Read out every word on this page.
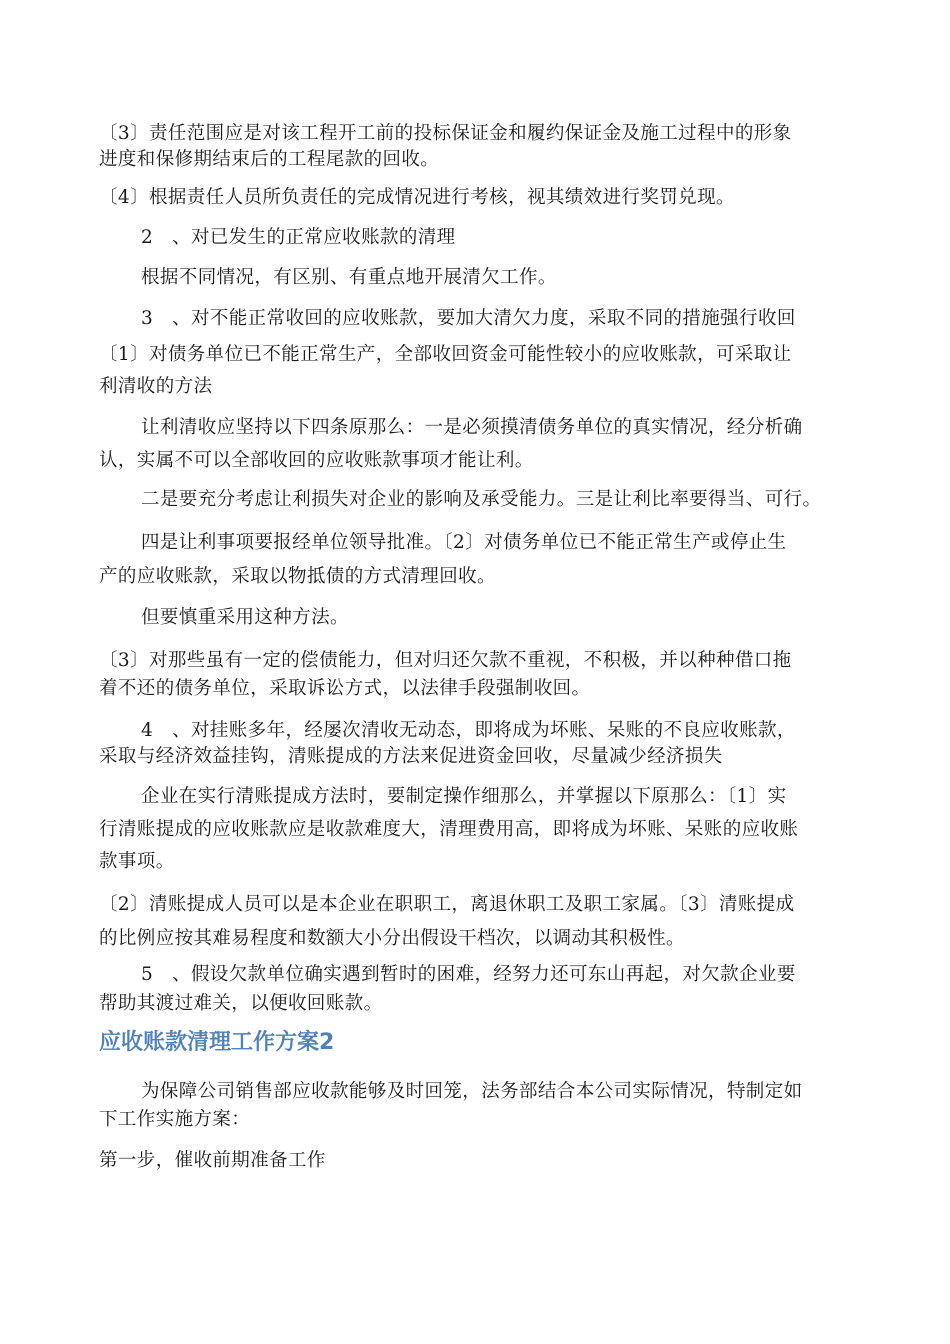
〔3〕责任范围应是对该工程开工前的投标保证金和履约保证金及施工过程中的形象

进度和保修期结束后的工程尾款的回收。

〔4〕根据责任人员所负责任的完成情况进行考核，视其绩效进行奖罚兑现。

2　、对已发生的正常应收账款的清理

根据不同情况，有区别、有重点地开展清欠工作。

3　、对不能正常收回的应收账款，要加大清欠力度，采取不同的措施强行收回

〔1〕对债务单位已不能正常生产，全部收回资金可能性较小的应收账款，可采取让

利清收的方法

让利清收应坚持以下四条原那么：一是必须摸清债务单位的真实情况，经分析确

认，实属不可以全部收回的应收账款事项才能让利。

二是要充分考虑让利损失对企业的影响及承受能力。三是让利比率要得当、可行。

四是让利事项要报经单位领导批准。〔2〕对债务单位已不能正常生产或停止生

产的应收账款，采取以物抵债的方式清理回收。

但要慎重采用这种方法。

〔3〕对那些虽有一定的偿债能力，但对归还欠款不重视，不积极，并以种种借口拖

着不还的债务单位，采取诉讼方式，以法律手段强制收回。

4　、对挂账多年，经屡次清收无动态，即将成为坏账、呆账的不良应收账款，

采取与经济效益挂钩，清账提成的方法来促进资金回收，尽量减少经济损失

企业在实行清账提成方法时，要制定操作细那么，并掌握以下原那么：〔1〕实

行清账提成的应收账款应是收款难度大，清理费用高，即将成为坏账、呆账的应收账

款事项。

〔2〕清账提成人员可以是本企业在职职工，离退休职工及职工家属。〔3〕清账提成

的比例应按其难易程度和数额大小分出假设干档次，以调动其积极性。

5　、假设欠款单位确实遇到暂时的困难，经努力还可东山再起，对欠款企业要

帮助其渡过难关，以便收回账款。

应收账款清理工作方案2

为保障公司销售部应收款能够及时回笼，法务部结合本公司实际情况，特制定如

下工作实施方案：

第一步，催收前期准备工作
